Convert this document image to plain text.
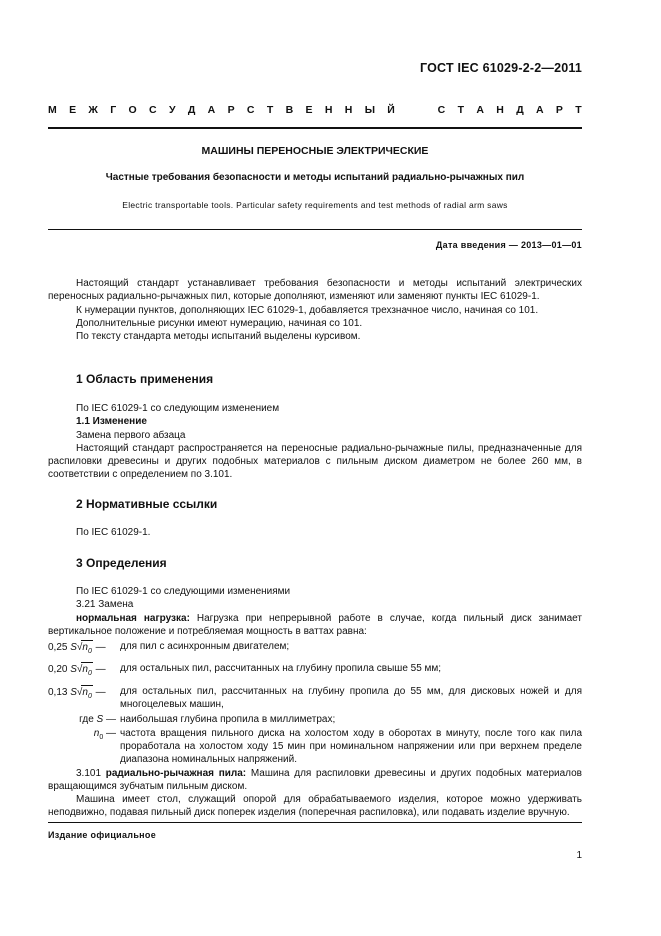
ГОСТ IEC 61029-2-2—2011
М Е Ж Г О С У Д А Р С Т В Е Н Н Ы Й

	С Т А Н Д А Р Т
МАШИНЫ ПЕРЕНОСНЫЕ ЭЛЕКТРИЧЕСКИЕ
Частные требования безопасности и методы испытаний радиально-рычажных пил
Electric transportable tools. Particular safety requirements and test methods of radial arm saws
Дата введения — 2013—01—01

Настоящий стандарт устанавливает требования безопасности и методы испытаний электрических переносных радиально-рычажных пил, которые дополняют, изменяют или заменяют пункты IEC 61029-1.

К нумерации пунктов, дополняющих IEC 61029-1, добавляется трехзначное число, начиная со 101.

Дополнительные рисунки имеют нумерацию, начиная со 101.

По тексту стандарта методы испытаний выделены курсивом.

1 Область применения

По IEC 61029-1 со следующим изменением

1.1 Изменение

Замена первого абзаца

Настоящий стандарт распространяется на переносные радиально-рычажные пилы, предназначенные для распиловки древесины и других подобных материалов с пильным диском диаметром не более 260 мм, в соответствии с определением по 3.101.

2 Нормативные ссылки

По IEC 61029-1.

3 Определения

По IEC 61029-1 со следующими изменениями

3.21 Замена

нормальная нагрузка: Нагрузка при непрерывной работе в случае, когда пильный диск занимает вертикальное положение и потребляемая мощность в ваттах равна:

0,25 $S√n_0$ —	для пил с асинхронным двигателем;
0,20 $S√n_0$ —	для остальных пил, рассчитанных на глубину пропила свыше 55 мм;
0,13 $S√n_0$ —	для остальных пил, рассчитанных на глубину пропила до 55 мм, для дисковых ножей и для многоцелевых машин,
где S — наибольшая глубина пропила в миллиметрах;
$n_0$ — частота вращения пильного диска на холостом ходу в оборотах в минуту, после того как пила проработала на холостом ходу 15 мин при номинальном напряжении или при верхнем пределе диапазона номинальных напряжений.

3.101 радиально-рычажная пила: Машина для распиловки древесины и других подобных материалов вращающимся зубчатым пильным диском.

Машина имеет стол, служащий опорой для обрабатываемого изделия, которое можно удерживать неподвижно, подавая пильный диск поперек изделия (поперечная распиловка), или подавать изделие вручную.

Издание официальное
1
